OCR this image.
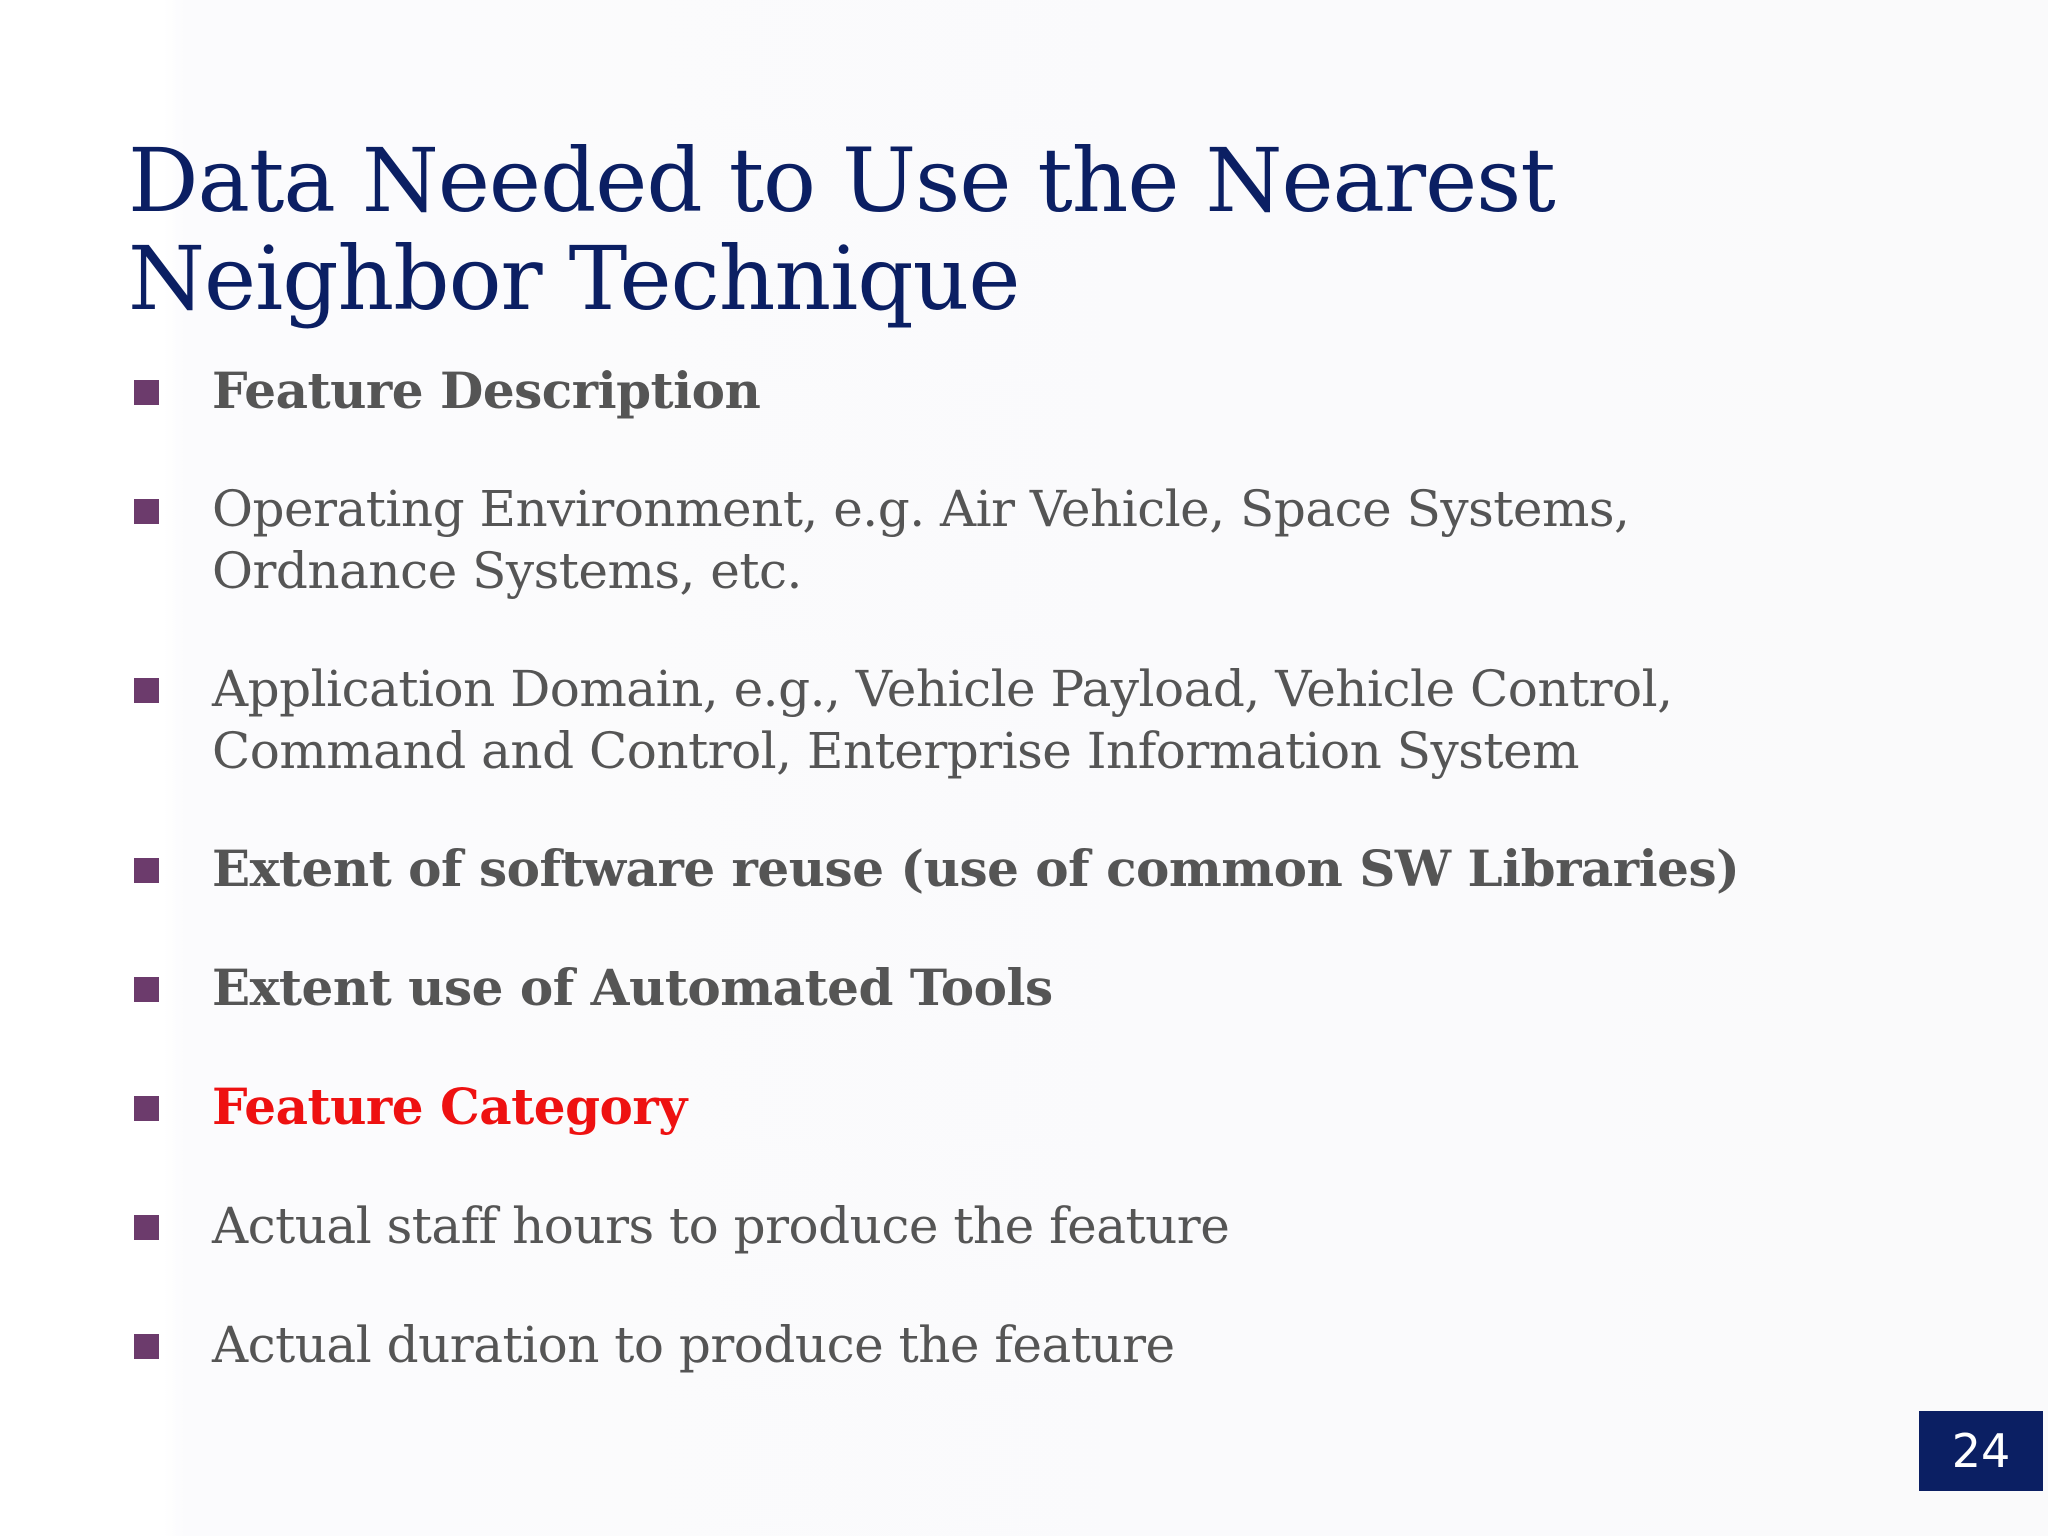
Data Needed to Use the Nearest
Neighbor Technique
Feature Description
Operating Environment, e.g. Air Vehicle, Space Systems,
Ordnance Systems, etc.
Application Domain, e.g., Vehicle Payload, Vehicle Control,
Command and Control, Enterprise Information System
Extent of software reuse (use of common SW Libraries)
Extent use of Automated Tools
Feature Category
Actual staff hours to produce the feature
Actual duration to produce the feature
24
